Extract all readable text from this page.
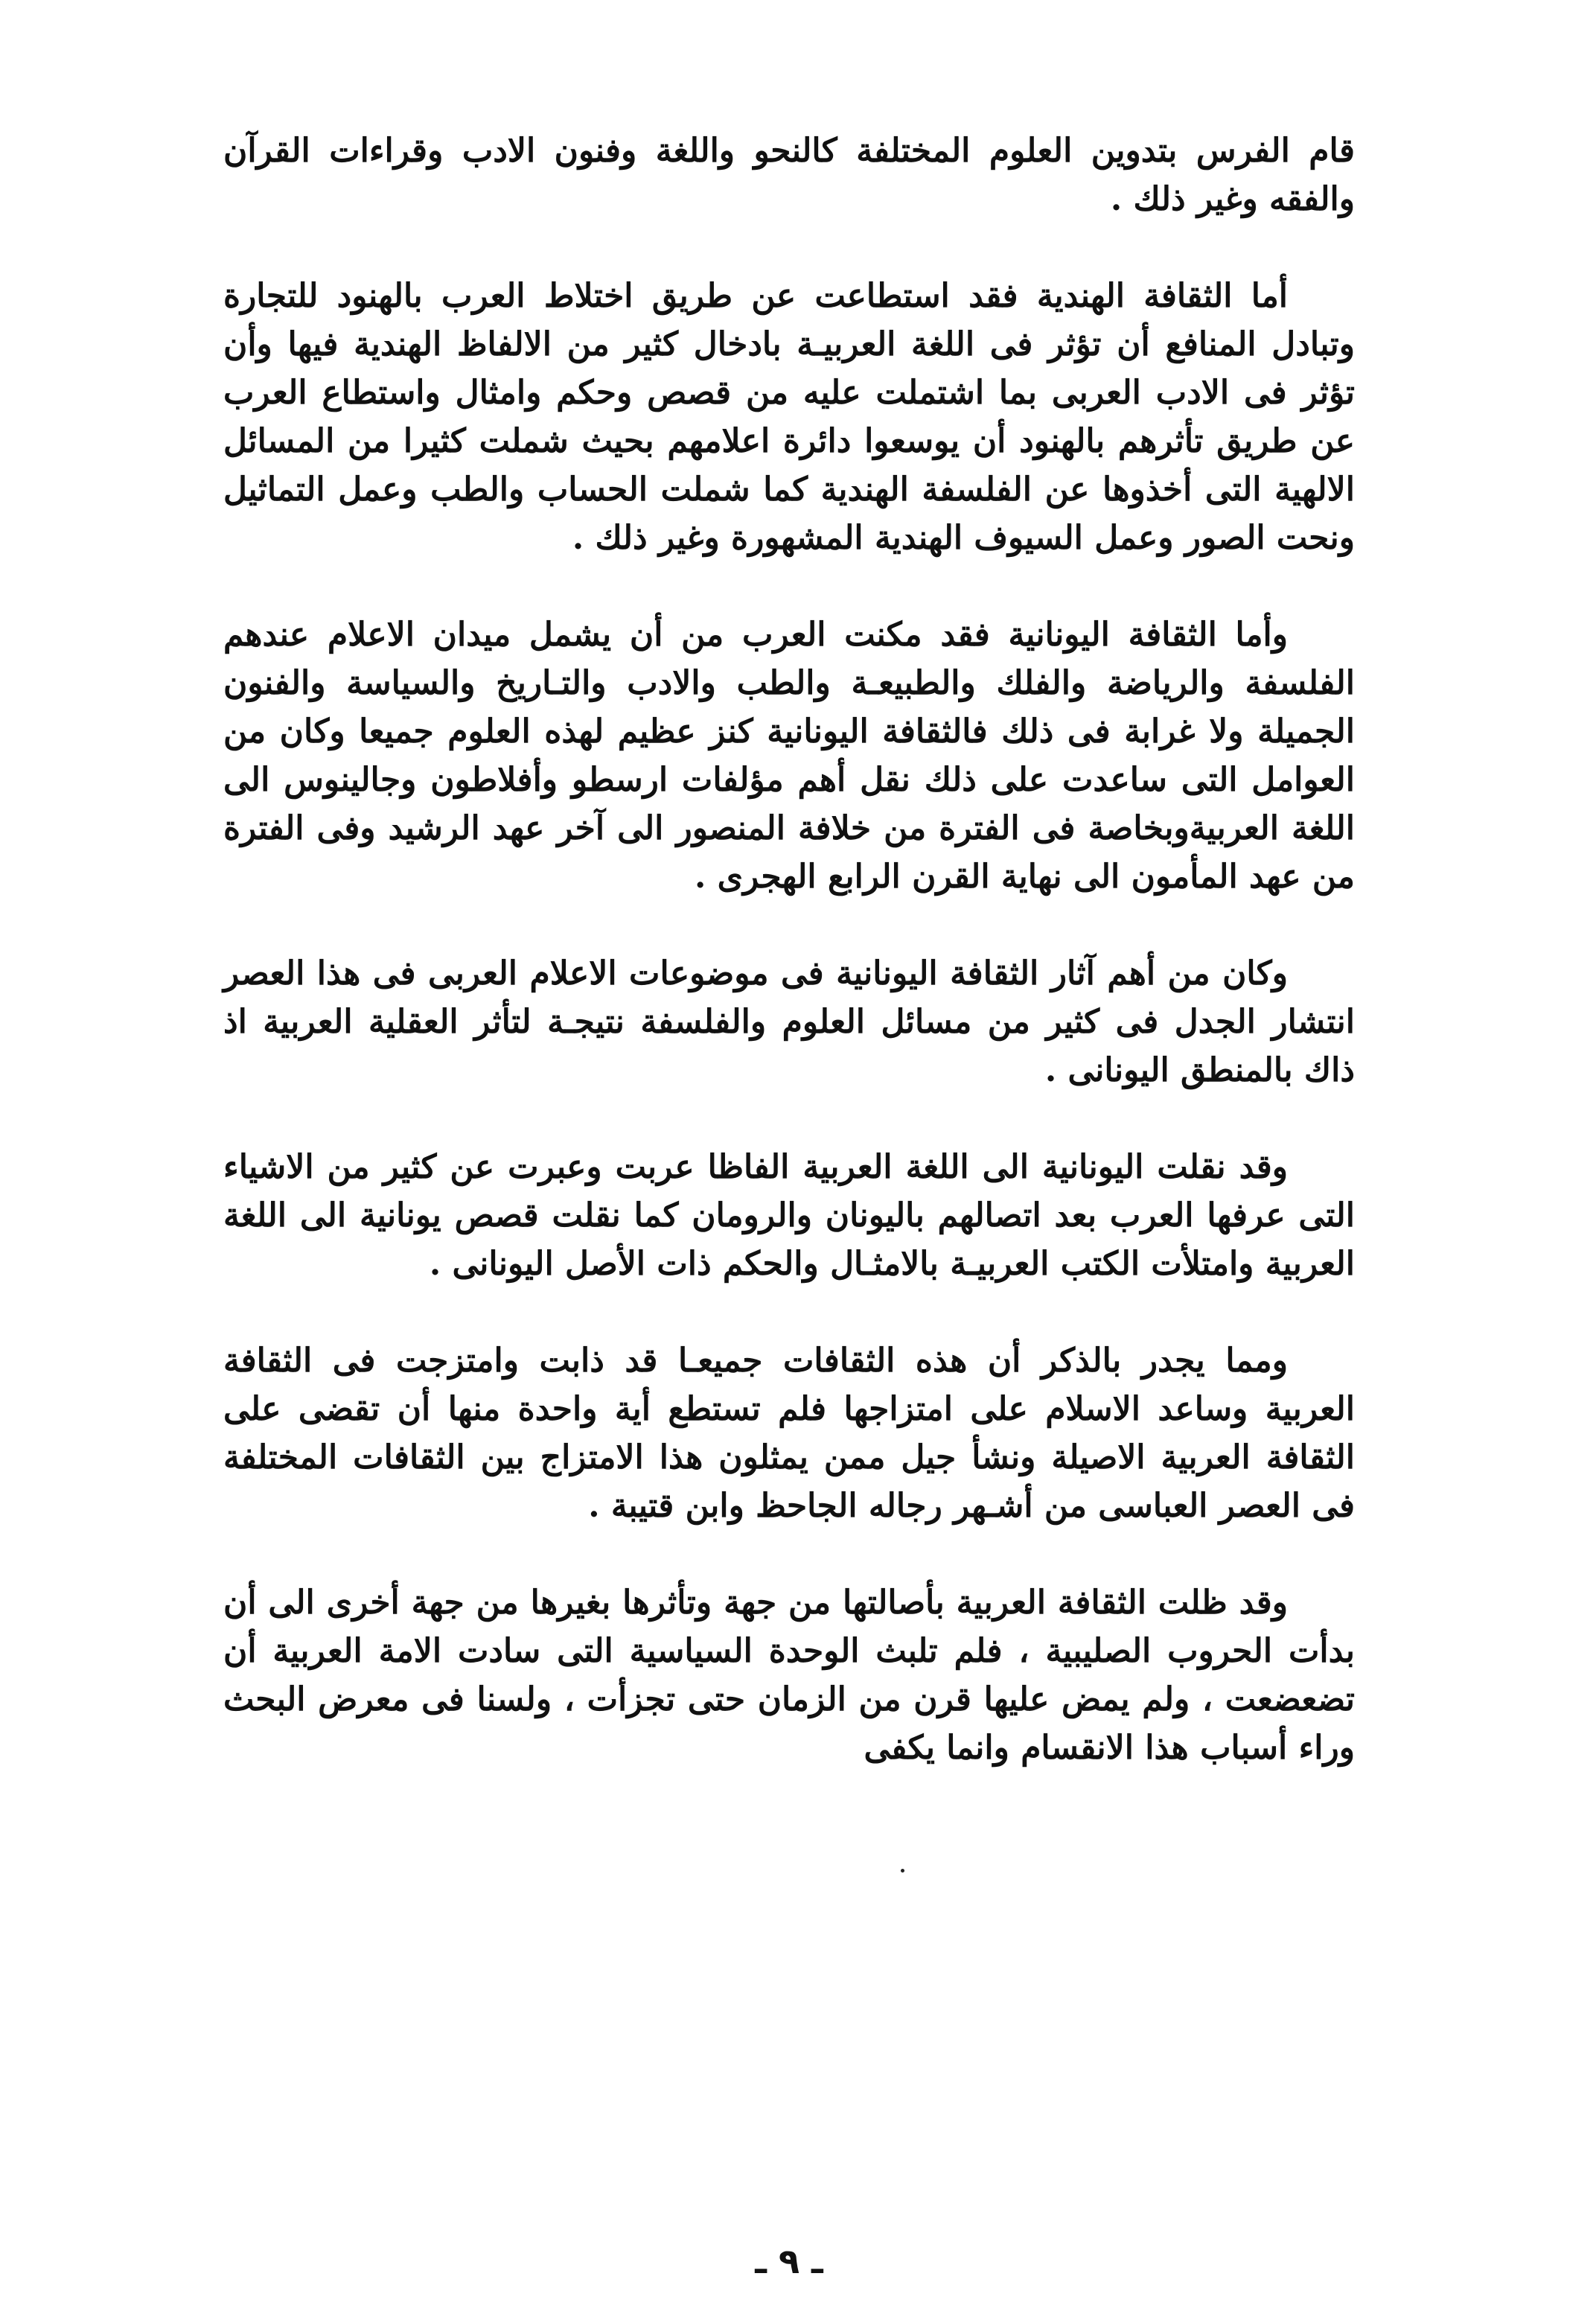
قام الفرس بتدوين العلوم المختلفة كالنحو واللغة وفنون الادب وقراءات القرآن والفقه وغير ذلك .

أما الثقافة الهندية فقد استطاعت عن طريق اختلاط العرب بالهنود للتجارة وتبادل المنافع أن تؤثر فى اللغة العربيـة بادخال كثير من الالفاظ الهندية فيها وأن تؤثر فى الادب العربى بما اشتملت عليه من قصص وحكم وامثال واستطاع العرب عن طريق تأثرهم بالهنود أن يوسعوا دائرة اعلامهم بحيث شملت كثيرا من المسائل الالهية التى أخذوها عن الفلسفة الهندية كما شملت الحساب والطب وعمل التماثيل ونحت الصور وعمل السيوف الهندية المشهورة وغير ذلك .

وأما الثقافة اليونانية فقد مكنت العرب من أن يشمل ميدان الاعلام عندهم الفلسفة والرياضة والفلك والطبيعـة والطب والادب والتـاريخ والسياسة والفنون الجميلة ولا غرابة فى ذلك فالثقافة اليونانية كنز عظيم لهذه العلوم جميعا وكان من العوامل التى ساعدت على ذلك نقل أهم مؤلفات ارسطو وأفلاطون وجالينوس الى اللغة العربيةوبخاصة فى الفترة من خلافة المنصور الى آخر عهد الرشيد وفى الفترة من عهد المأمون الى نهاية القرن الرابع الهجرى .

وكان من أهم آثار الثقافة اليونانية فى موضوعات الاعلام العربى فى هذا العصر انتشار الجدل فى كثير من مسائل العلوم والفلسفة نتيجـة لتأثر العقلية العربية اذ ذاك بالمنطق اليونانى .

وقد نقلت اليونانية الى اللغة العربية الفاظا عربت وعبرت عن كثير من الاشياء التى عرفها العرب بعد اتصالهم باليونان والرومان كما نقلت قصص يونانية الى اللغة العربية وامتلأت الكتب العربيـة بالامثـال والحكم ذات الأصل اليونانى .

ومما يجدر بالذكر أن هذه الثقافات جميعـا قد ذابت وامتزجت فى الثقافة العربية وساعد الاسلام على امتزاجها فلم تستطع أية واحدة منها أن تقضى على الثقافة العربية الاصيلة ونشأ جيل ممن يمثلون هذا الامتزاج بين الثقافات المختلفة فى العصر العباسى من أشـهر رجاله الجاحظ وابن قتيبة .

وقد ظلت الثقافة العربية بأصالتها من جهة وتأثرها بغيرها من جهة أخرى الى أن بدأت الحروب الصليبية ، فلم تلبث الوحدة السياسية التى سادت الامة العربية أن تضعضعت ، ولم يمض عليها قرن من الزمان حتى تجزأت ، ولسنا فى معرض البحث وراء أسباب هذا الانقسام وانما يكفى

ـ ٩ ـ
